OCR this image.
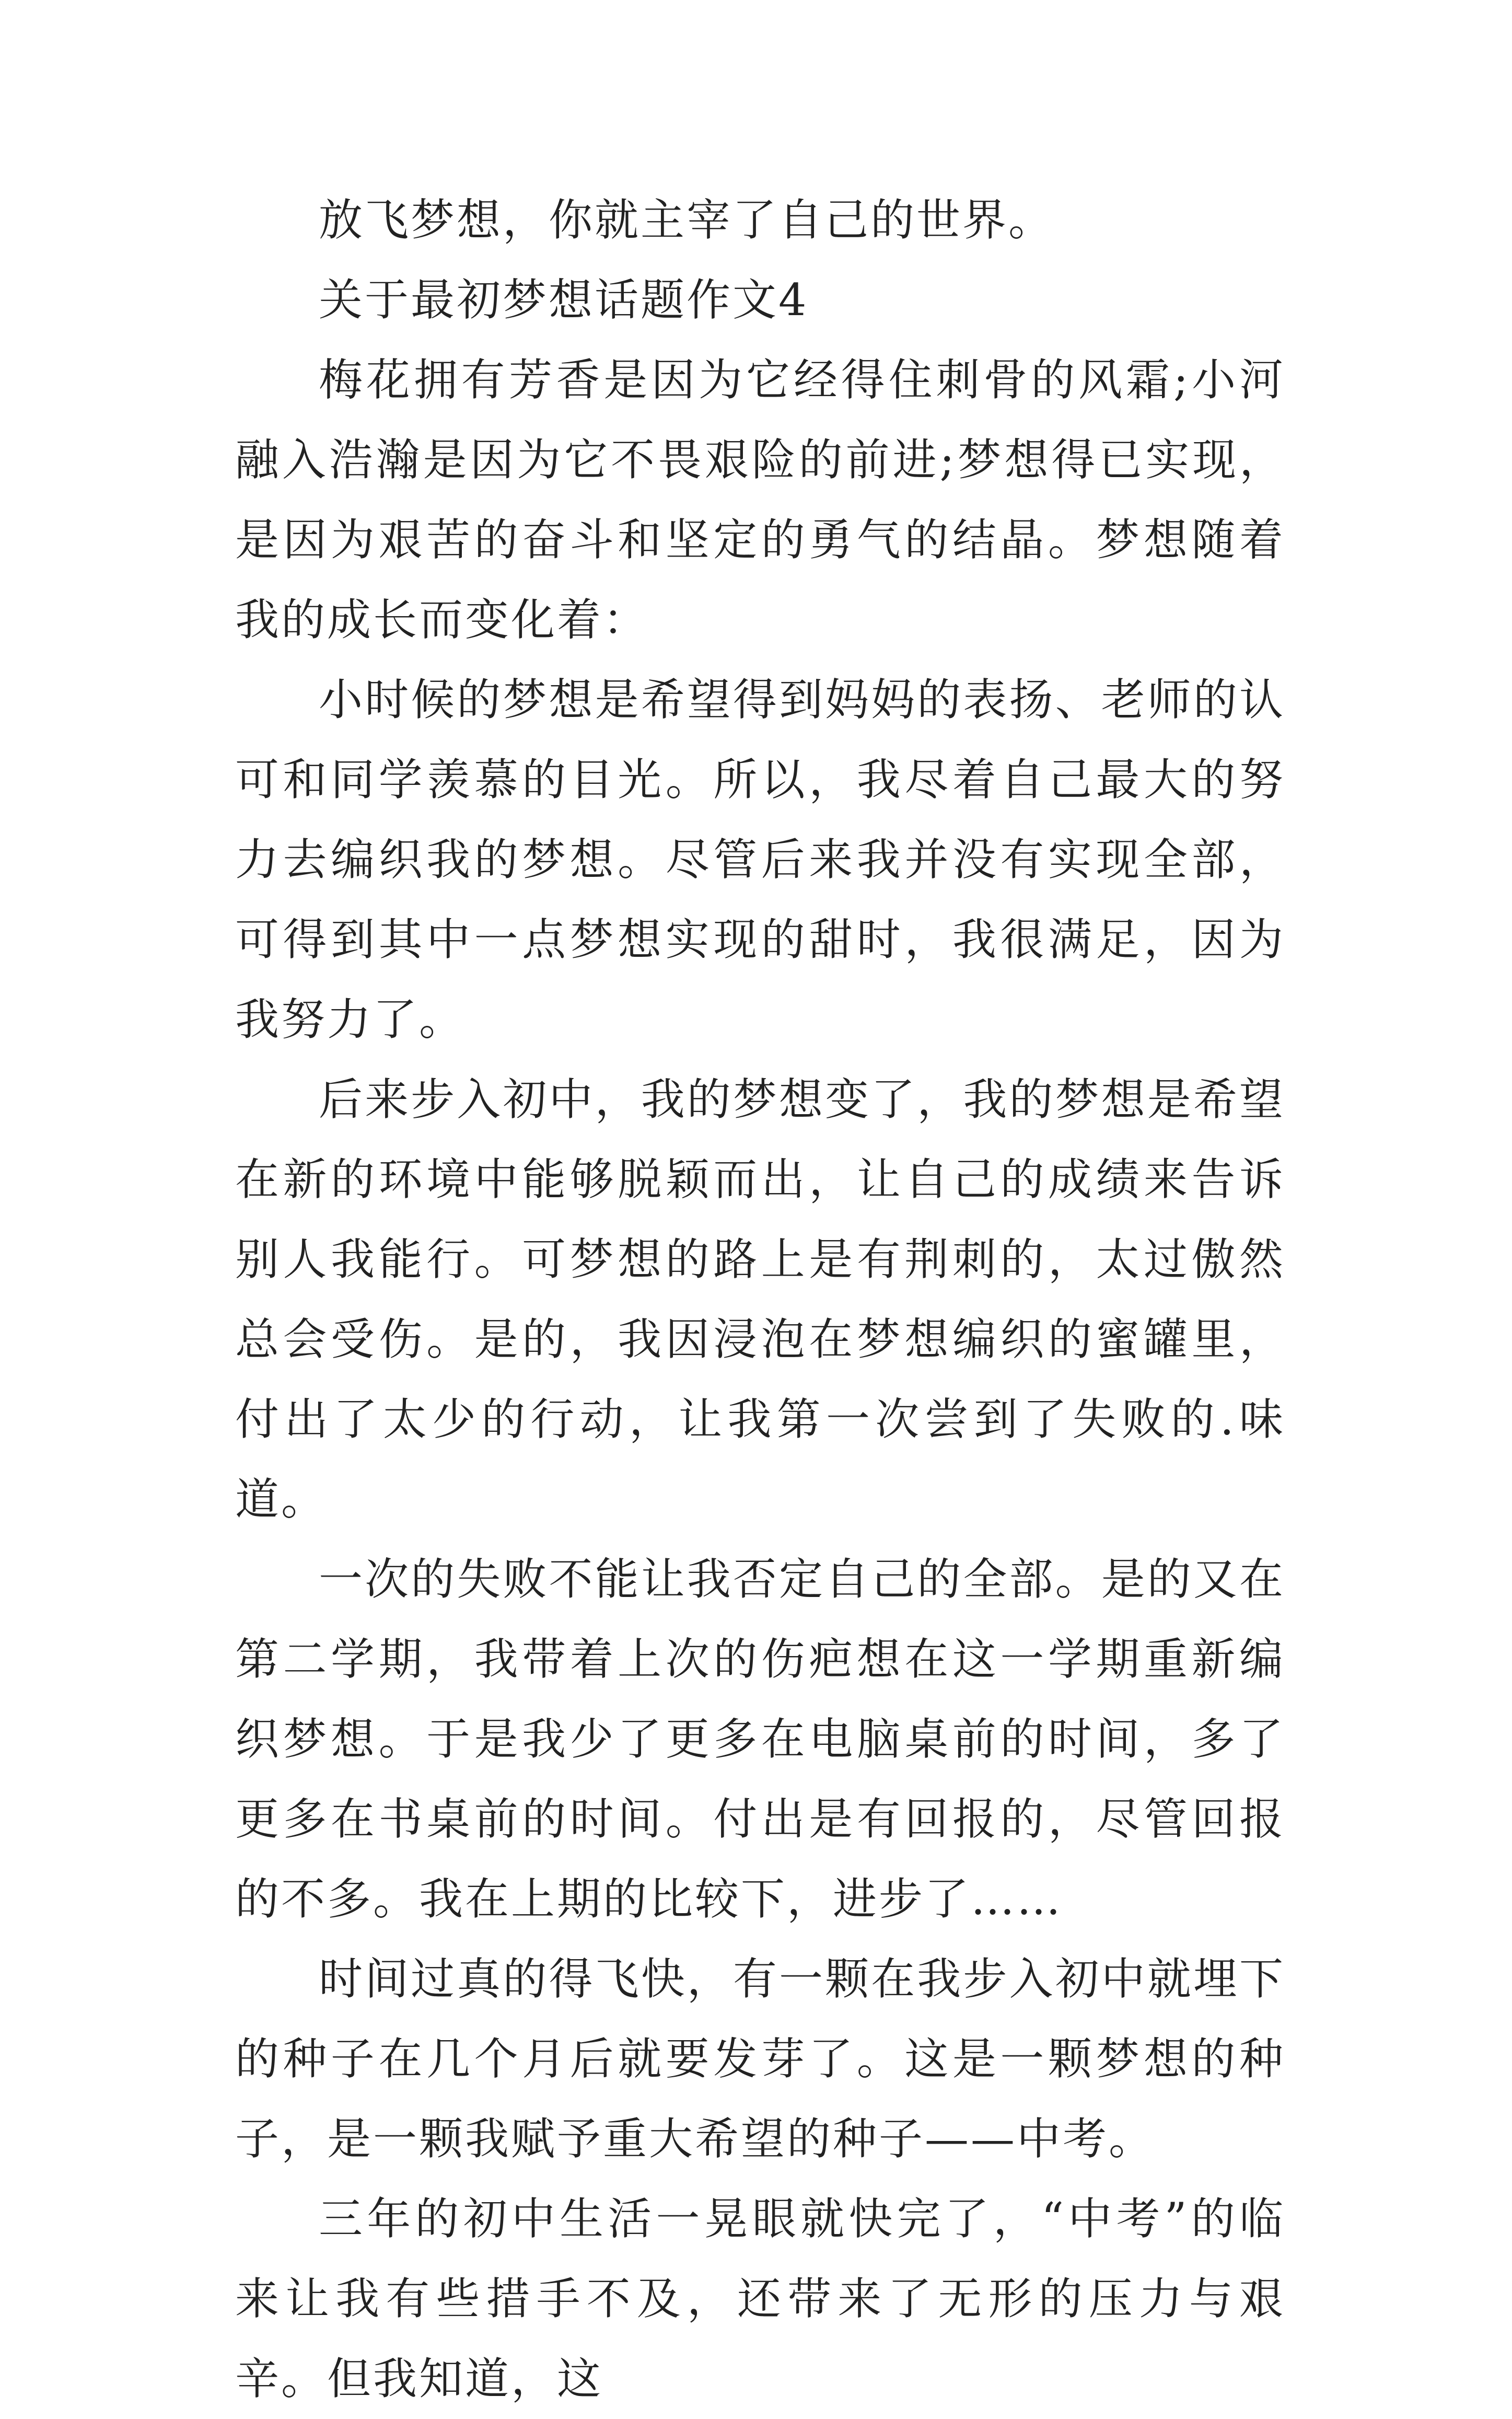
放飞梦想，你就主宰了自己的世界。

关于最初梦想话题作文4

梅花拥有芳香是因为它经得住刺骨的风霜;小河融入浩瀚是因为它不畏艰险的前进;梦想得已实现，是因为艰苦的奋斗和坚定的勇气的结晶。梦想随着我的成长而变化着：

小时候的梦想是希望得到妈妈的表扬、老师的认可和同学羡慕的目光。所以，我尽着自己最大的努力去编织我的梦想。尽管后来我并没有实现全部，可得到其中一点梦想实现的甜时，我很满足，因为我努力了。

后来步入初中，我的梦想变了，我的梦想是希望在新的环境中能够脱颖而出，让自己的成绩来告诉别人我能行。可梦想的路上是有荆刺的，太过傲然总会受伤。是的，我因浸泡在梦想编织的蜜罐里，付出了太少的行动，让我第一次尝到了失败的.味道。

一次的失败不能让我否定自己的全部。是的又在第二学期，我带着上次的伤疤想在这一学期重新编织梦想。于是我少了更多在电脑桌前的时间，多了更多在书桌前的时间。付出是有回报的，尽管回报的不多。我在上期的比较下，进步了……

时间过真的得飞快，有一颗在我步入初中就埋下的种子在几个月后就要发芽了。这是一颗梦想的种子，是一颗我赋予重大希望的种子——中考。

三年的初中生活一晃眼就快完了，“中考”的临来让我有些措手不及，还带来了无形的压力与艰辛。但我知道，这
